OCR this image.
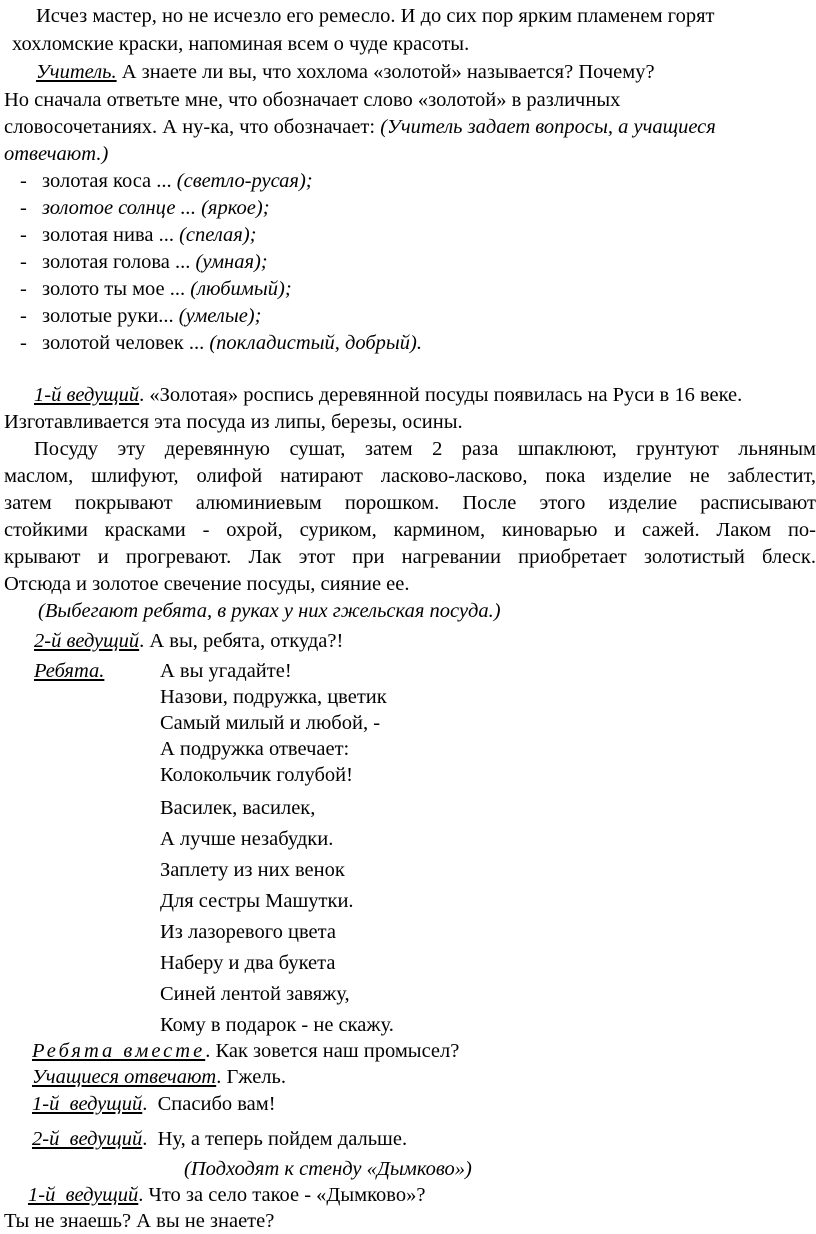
Исчез мастер, но не исчезло его ремесло. И до сих пор ярким пламенем горят
хохломские краски, напоминая всем о чуде красоты.
Учитель. А знаете ли вы, что хохлома «золотой» называется? Почему?
Но сначала ответьте мне, что обозначает слово «золотой» в различных
словосочетаниях. А ну-ка, что обозначает: (Учитель задает вопросы, а учащиеся
отвечают.)
- золотая коса ... (светло-русая);
- золотое солнце ... (яркое);
- золотая нива ... (спелая);
- золотая голова ... (умная);
- золото ты мое ... (любимый);
- золотые руки... (умелые);
- золотой человек ... (покладистый, добрый).
1-й ведущий. «Золотая» роспись деревянной посуды появилась на Руси в 16 веке.
Изготавливается эта посуда из липы, березы, осины.
Посуду эту деревянную сушат, затем 2 раза шпаклюют, грунтуют льняным
маслом, шлифуют, олифой натирают ласково-ласково, пока изделие не заблестит,
затем покрывают алюминиевым порошком. После этого изделие расписывают
стойкими красками - охрой, суриком, кармином, киноварью и сажей. Лаком по-
крывают и прогревают. Лак этот при нагревании приобретает золотистый блеск.
Отсюда и золотое свечение посуды, сияние ее.
(Выбегают ребята, в руках у них гжельская посуда.)
2-й ведущий. А вы, ребята, откуда?!
Ребята.	А вы угадайте!
Назови, подружка, цветик
Самый милый и любой, -
А подружка отвечает:
Колокольчик голубой!
Василек, василек,
А лучше незабудки.
Заплету из них венок
Для сестры Машутки.
Из лазоревого цвета
Наберу и два букета
Синей лентой завяжу,
Кому в подарок - не скажу.
Ребята вместе. Как зовется наш промысел?
Учащиеся отвечают. Гжель.
1-й  ведущий.  Спасибо вам!
2-й  ведущий.  Ну, а теперь пойдем дальше.
(Подходят к стенду «Дымково»)
1-й  ведущий. Что за село такое - «Дымково»?
Ты не знаешь? А вы не знаете?
